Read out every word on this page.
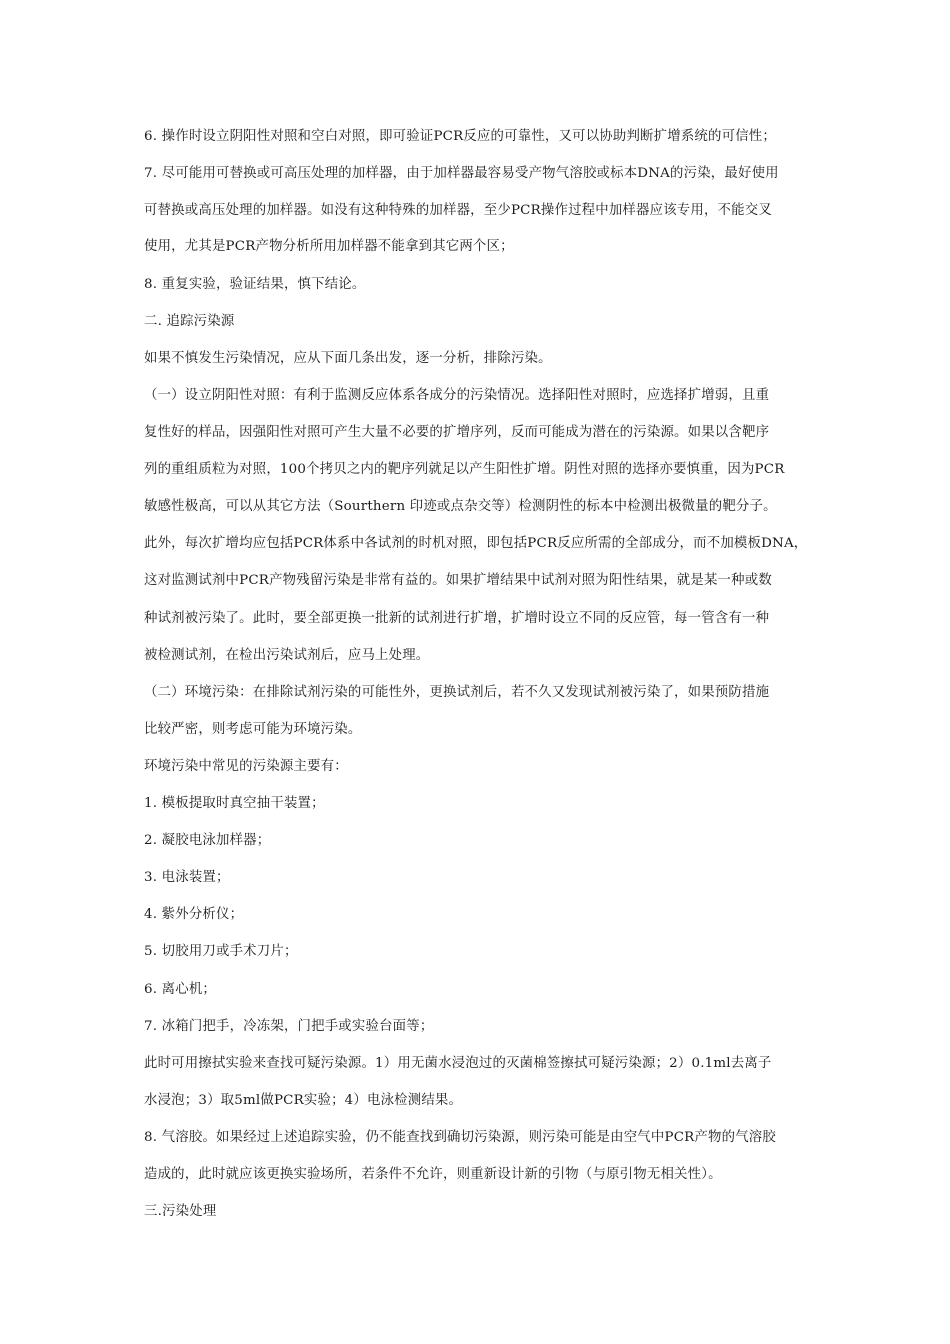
6. 操作时设立阴阳性对照和空白对照，即可验证PCR反应的可靠性，又可以协助判断扩增系统的可信性；
7. 尽可能用可替换或可高压处理的加样器，由于加样器最容易受产物气溶胶或标本DNA的污染，最好使用
可替换或高压处理的加样器。如没有这种特殊的加样器，至少PCR操作过程中加样器应该专用，不能交叉
使用，尤其是PCR产物分析所用加样器不能拿到其它两个区；
8. 重复实验，验证结果，慎下结论。
二. 追踪污染源
如果不慎发生污染情况，应从下面几条出发，逐一分析，排除污染。
（一）设立阴阳性对照：有利于监测反应体系各成分的污染情况。选择阳性对照时，应选择扩增弱，且重
复性好的样品，因强阳性对照可产生大量不必要的扩增序列，反而可能成为潜在的污染源。如果以含靶序
列的重组质粒为对照，100个拷贝之内的靶序列就足以产生阳性扩增。阴性对照的选择亦要慎重，因为PCR
敏感性极高，可以从其它方法（Sourthern 印迹或点杂交等）检测阴性的标本中检测出极微量的靶分子。
此外，每次扩增均应包括PCR体系中各试剂的时机对照，即包括PCR反应所需的全部成分，而不加模板DNA，
这对监测试剂中PCR产物残留污染是非常有益的。如果扩增结果中试剂对照为阳性结果，就是某一种或数
种试剂被污染了。此时，要全部更换一批新的试剂进行扩增，扩增时设立不同的反应管，每一管含有一种
被检测试剂，在检出污染试剂后，应马上处理。
（二）环境污染：在排除试剂污染的可能性外，更换试剂后，若不久又发现试剂被污染了，如果预防措施
比较严密，则考虑可能为环境污染。
环境污染中常见的污染源主要有：
1. 模板提取时真空抽干装置；
2. 凝胶电泳加样器；
3. 电泳装置；
4. 紫外分析仪；
5. 切胶用刀或手术刀片；
6. 离心机；
7. 冰箱门把手，冷冻架，门把手或实验台面等；
此时可用擦拭实验来查找可疑污染源。1）用无菌水浸泡过的灭菌棉签擦拭可疑污染源；2）0.1ml去离子
水浸泡；3）取5ml做PCR实验；4）电泳检测结果。
8. 气溶胶。如果经过上述追踪实验，仍不能查找到确切污染源，则污染可能是由空气中PCR产物的气溶胶
造成的，此时就应该更换实验场所，若条件不允许，则重新设计新的引物（与原引物无相关性）。
三.污染处理
